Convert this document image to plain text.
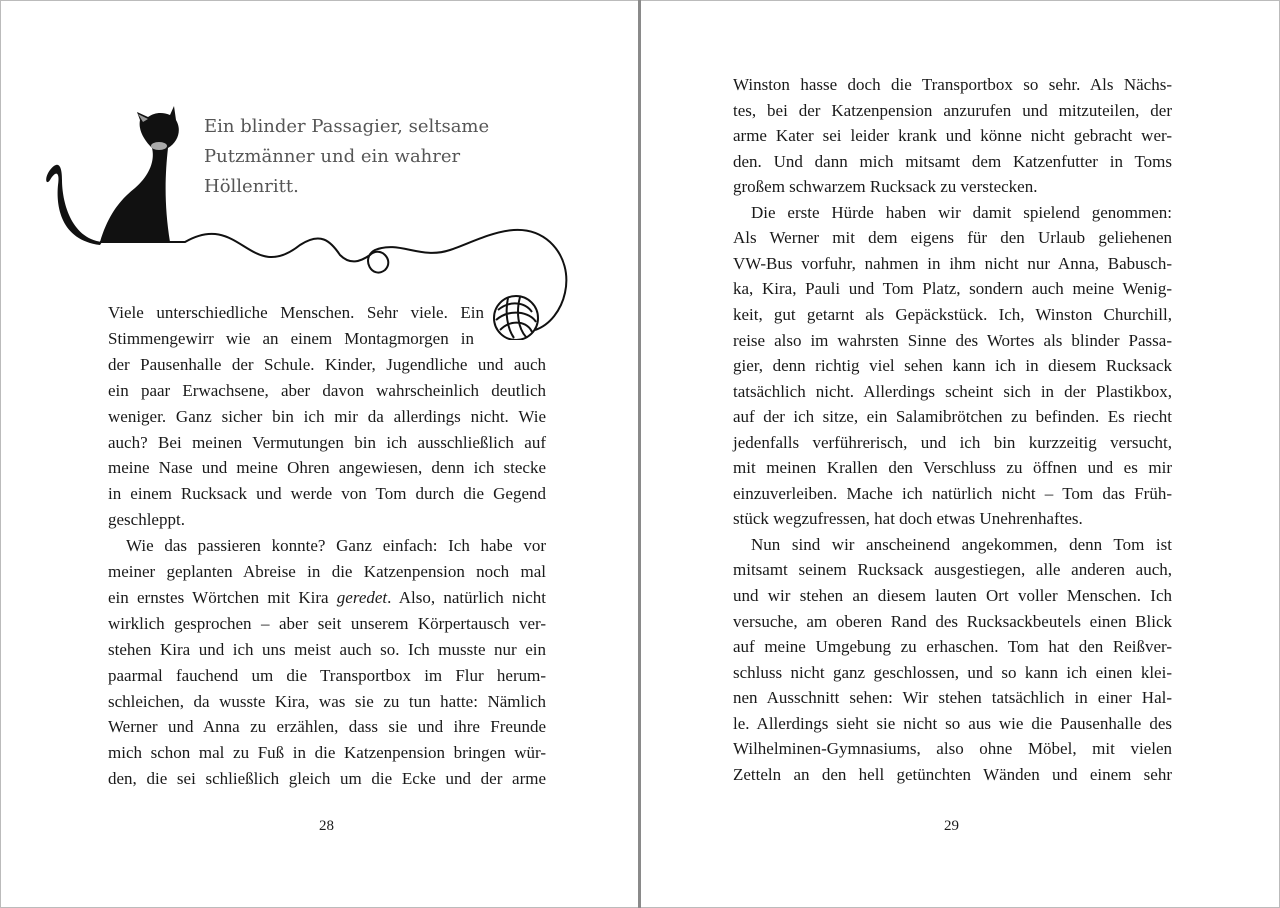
Ein blinder Passagier, seltsame
Putzmänner und ein wahrer
Höllenritt.
Viele unterschiedliche Menschen. Sehr viele. Ein
Stimmengewirr wie an einem Montagmorgen in
der Pausenhalle der Schule. Kinder, Jugendliche und auch
ein paar Erwachsene, aber davon wahrscheinlich deutlich
weniger. Ganz sicher bin ich mir da allerdings nicht. Wie
auch? Bei meinen Vermutungen bin ich ausschließlich auf
meine Nase und meine Ohren angewiesen, denn ich stecke
in einem Rucksack und werde von Tom durch die Gegend
geschleppt.
Wie das passieren konnte? Ganz einfach: Ich habe vor
meiner geplanten Abreise in die Katzenpension noch mal
ein ernstes Wörtchen mit Kira geredet. Also, natürlich nicht
wirklich gesprochen – aber seit unserem Körpertausch ver-
stehen Kira und ich uns meist auch so. Ich musste nur ein
paarmal fauchend um die Transportbox im Flur herum-
schleichen, da wusste Kira, was sie zu tun hatte: Nämlich
Werner und Anna zu erzählen, dass sie und ihre Freunde
mich schon mal zu Fuß in die Katzenpension bringen wür-
den, die sei schließlich gleich um die Ecke und der arme
28
Winston hasse doch die Transportbox so sehr. Als Nächs-
tes, bei der Katzenpension anzurufen und mitzuteilen, der
arme Kater sei leider krank und könne nicht gebracht wer-
den. Und dann mich mitsamt dem Katzenfutter in Toms
großem schwarzem Rucksack zu verstecken.
Die erste Hürde haben wir damit spielend genommen:
Als Werner mit dem eigens für den Urlaub geliehenen
VW-Bus vorfuhr, nahmen in ihm nicht nur Anna, Babusch-
ka, Kira, Pauli und Tom Platz, sondern auch meine Wenig-
keit, gut getarnt als Gepäckstück. Ich, Winston Churchill,
reise also im wahrsten Sinne des Wortes als blinder Passa-
gier, denn richtig viel sehen kann ich in diesem Rucksack
tatsächlich nicht. Allerdings scheint sich in der Plastikbox,
auf der ich sitze, ein Salamibrötchen zu befinden. Es riecht
jedenfalls verführerisch, und ich bin kurzzeitig versucht,
mit meinen Krallen den Verschluss zu öffnen und es mir
einzuverleiben. Mache ich natürlich nicht – Tom das Früh-
stück wegzufressen, hat doch etwas Unehrenhaftes.
Nun sind wir anscheinend angekommen, denn Tom ist
mitsamt seinem Rucksack ausgestiegen, alle anderen auch,
und wir stehen an diesem lauten Ort voller Menschen. Ich
versuche, am oberen Rand des Rucksackbeutels einen Blick
auf meine Umgebung zu erhaschen. Tom hat den Reißver-
schluss nicht ganz geschlossen, und so kann ich einen klei-
nen Ausschnitt sehen: Wir stehen tatsächlich in einer Hal-
le. Allerdings sieht sie nicht so aus wie die Pausenhalle des
Wilhelminen-Gymnasiums, also ohne Möbel, mit vielen
Zetteln an den hell getünchten Wänden und einem sehr
29
